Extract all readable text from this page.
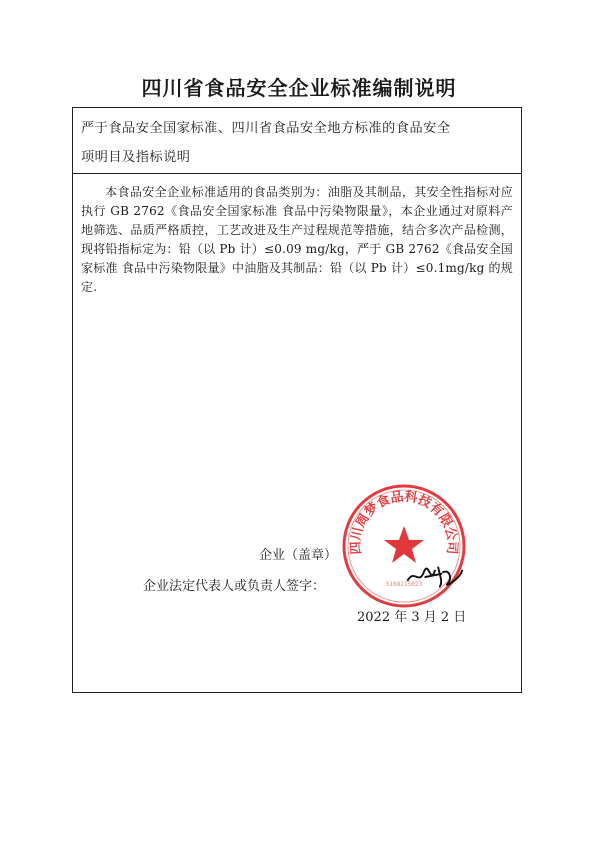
四川省食品安全企业标准编制说明
严于食品安全国家标准、四川省食品安全地方标准的食品安全
项明目及指标说明
本食品安全企业标准适用的食品类别为：油脂及其制品，其安全性指标对应执行 GB 2762《食品安全国家标准 食品中污染物限量》，本企业通过对原料产地筛选、品质严格质控，工艺改进及生产过程规范等措施，结合多次产品检测，现将铅指标定为：铅（以 Pb 计）≤0.09 mg/kg，严于 GB 2762《食品安全国家标准 食品中污染物限量》中油脂及其制品：铅（以 Pb 计）≤0.1mg/kg 的规定.
企业（盖章）
企业法定代表人或负责人签字：
2022 年 3 月 2 日
四川周梦食品科技有限公司
5108215023
